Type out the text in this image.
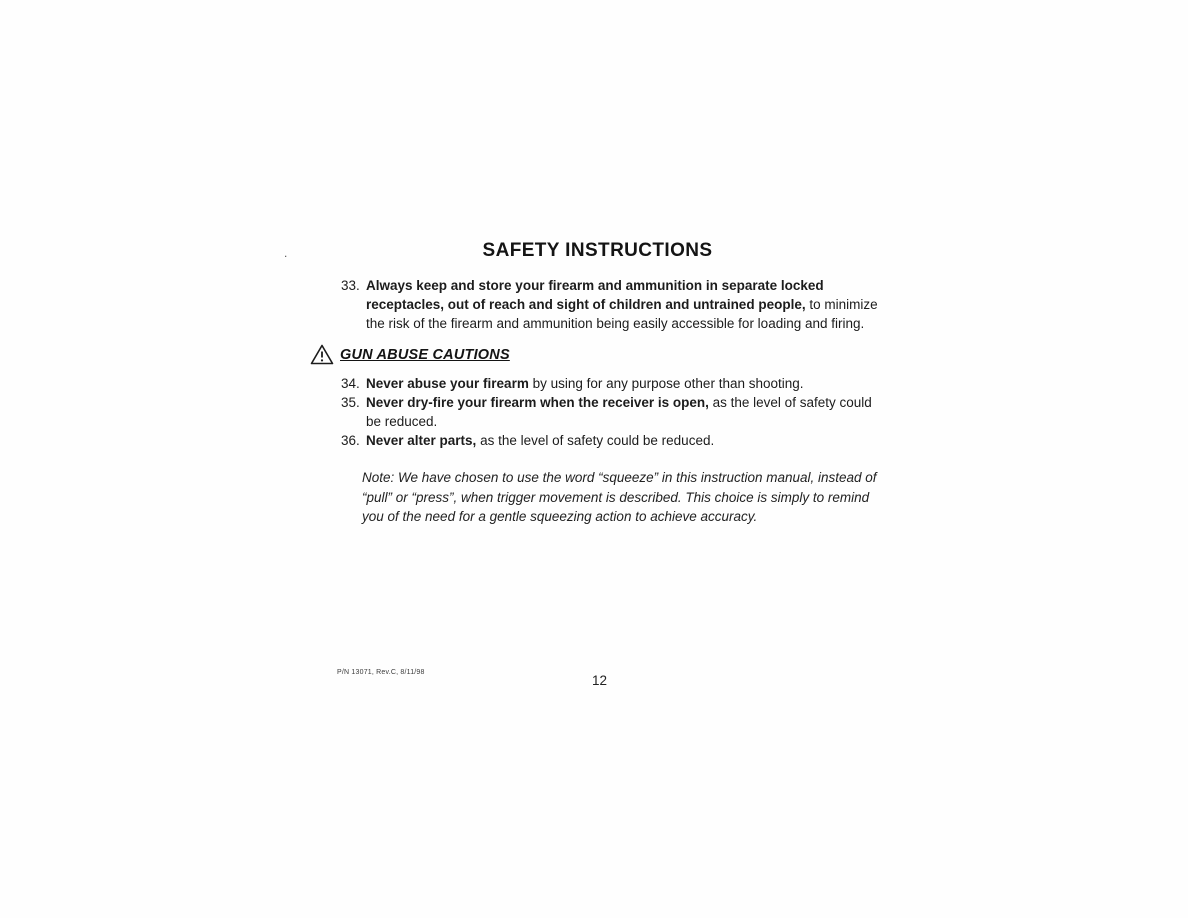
.	SAFETY INSTRUCTIONS
33. Always keep and store your firearm and ammunition in separate locked receptacles, out of reach and sight of children and untrained people, to minimize the risk of the firearm and ammunition being easily accessible for loading and firing.
GUN ABUSE CAUTIONS
34. Never abuse your firearm by using for any purpose other than shooting.
35. Never dry-fire your firearm when the receiver is open, as the level of safety could be reduced.
36. Never alter parts, as the level of safety could be reduced.
Note: We have chosen to use the word “squeeze” in this instruction manual, instead of “pull” or “press”, when trigger movement is described. This choice is simply to remind you of the need for a gentle squeezing action to achieve accuracy.
P/N 13071, Rev.C, 8/11/98
12
